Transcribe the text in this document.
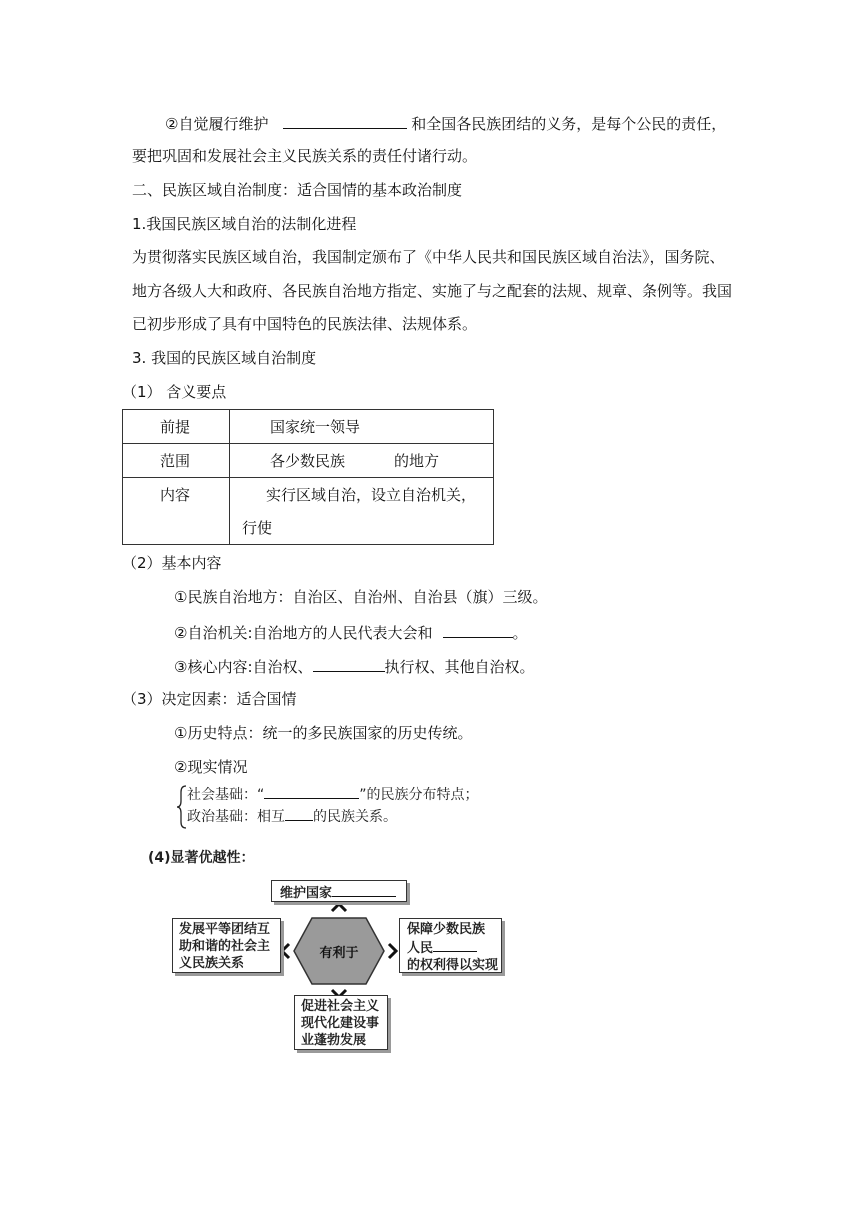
②自觉履行维护	和全国各民族团结的义务，是每个公民的责任，
要把巩固和发展社会主义民族关系的责任付诸行动。
二、民族区域自治制度：适合国情的基本政治制度
1.我国民族区域自治的法制化进程
为贯彻落实民族区域自治，我国制定颁布了《中华人民共和国民族区域自治法》，国务院、
地方各级人大和政府、各民族自治地方指定、实施了与之配套的法规、规章、条例等。我国
已初步形成了具有中国特色的民族法律、法规体系。
3. 我国的民族区域自治制度
（1） 含义要点
前提	国家统一领导

范围	各少数民族 的地方

内容	实行区域自治，设立自治机关，
行使
（2）基本内容
①民族自治地方：自治区、自治州、自治县（旗）三级。
②自治机关:自治地方的人民代表大会和	。
③核心内容:自治权、	执行权、其他自治权。
（3）决定因素：适合国情
①历史特点：统一的多民族国家的历史传统。
②现实情况
社会基础：“	”的民族分布特点；
政治基础：相互 的民族关系。
(4)显著优越性：
有利于
维护国家
发展平等团结互
助和谐的社会主
义民族关系
保障少数民族
人民
的权利得以实现
促进社会主义
现代化建设事
业蓬勃发展
